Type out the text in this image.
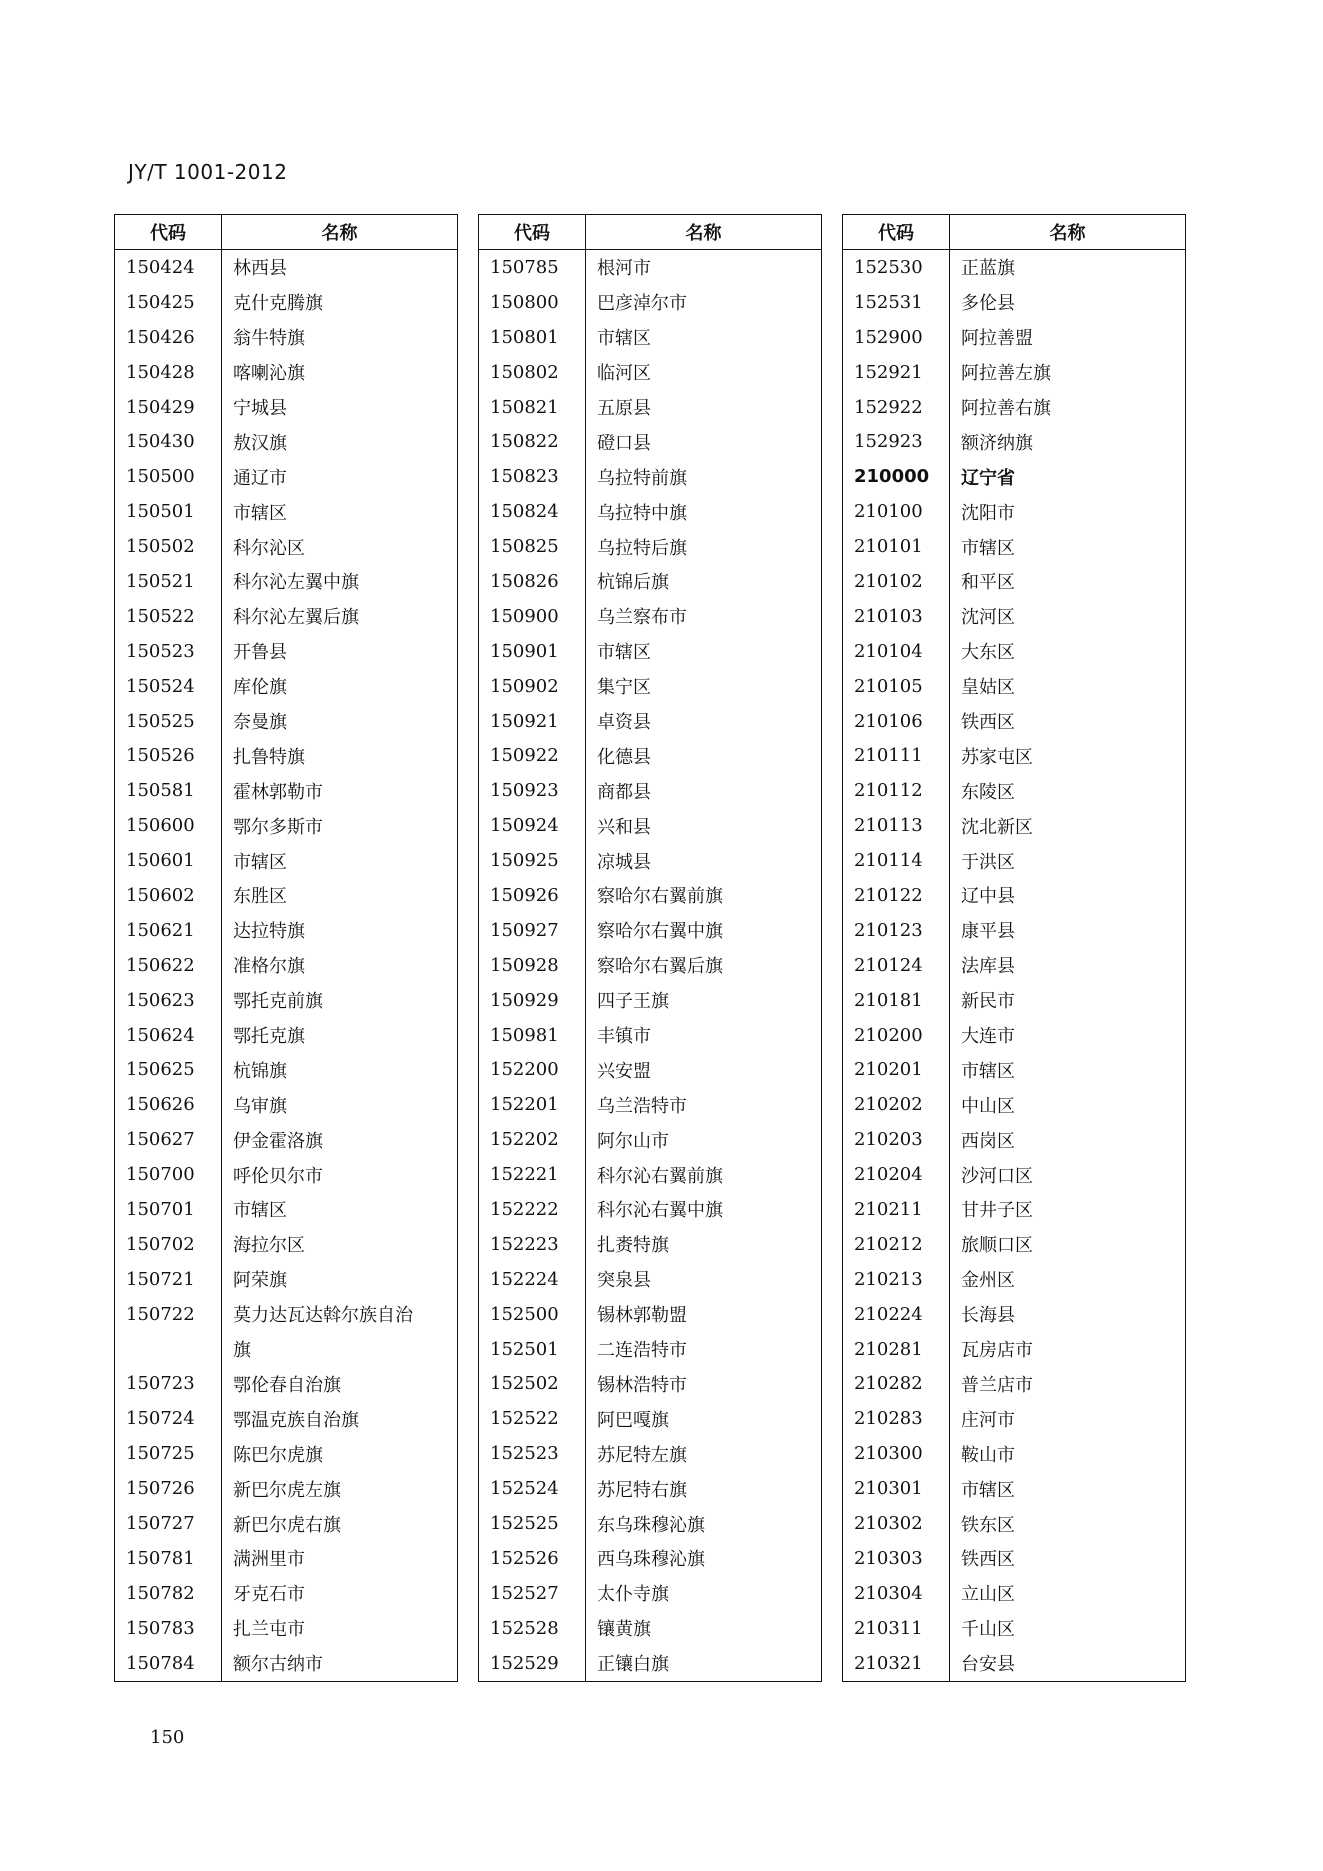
JY/T 1001-2012
代码	名称
150424	林西县
150425	克什克腾旗
150426	翁牛特旗
150428	喀喇沁旗
150429	宁城县
150430	敖汉旗
150500	通辽市
150501	市辖区
150502	科尔沁区
150521	科尔沁左翼中旗
150522	科尔沁左翼后旗
150523	开鲁县
150524	库伦旗
150525	奈曼旗
150526	扎鲁特旗
150581	霍林郭勒市
150600	鄂尔多斯市
150601	市辖区
150602	东胜区
150621	达拉特旗
150622	准格尔旗
150623	鄂托克前旗
150624	鄂托克旗
150625	杭锦旗
150626	乌审旗
150627	伊金霍洛旗
150700	呼伦贝尔市
150701	市辖区
150702	海拉尔区
150721	阿荣旗
150722	莫力达瓦达斡尔族自治
	旗
150723	鄂伦春自治旗
150724	鄂温克族自治旗
150725	陈巴尔虎旗
150726	新巴尔虎左旗
150727	新巴尔虎右旗
150781	满洲里市
150782	牙克石市
150783	扎兰屯市
150784	额尔古纳市
代码	名称
150785	根河市
150800	巴彦淖尔市
150801	市辖区
150802	临河区
150821	五原县
150822	磴口县
150823	乌拉特前旗
150824	乌拉特中旗
150825	乌拉特后旗
150826	杭锦后旗
150900	乌兰察布市
150901	市辖区
150902	集宁区
150921	卓资县
150922	化德县
150923	商都县
150924	兴和县
150925	凉城县
150926	察哈尔右翼前旗
150927	察哈尔右翼中旗
150928	察哈尔右翼后旗
150929	四子王旗
150981	丰镇市
152200	兴安盟
152201	乌兰浩特市
152202	阿尔山市
152221	科尔沁右翼前旗
152222	科尔沁右翼中旗
152223	扎赉特旗
152224	突泉县
152500	锡林郭勒盟
152501	二连浩特市
152502	锡林浩特市
152522	阿巴嘎旗
152523	苏尼特左旗
152524	苏尼特右旗
152525	东乌珠穆沁旗
152526	西乌珠穆沁旗
152527	太仆寺旗
152528	镶黄旗
152529	正镶白旗
代码	名称
152530	正蓝旗
152531	多伦县
152900	阿拉善盟
152921	阿拉善左旗
152922	阿拉善右旗
152923	额济纳旗
210000	辽宁省
210100	沈阳市
210101	市辖区
210102	和平区
210103	沈河区
210104	大东区
210105	皇姑区
210106	铁西区
210111	苏家屯区
210112	东陵区
210113	沈北新区
210114	于洪区
210122	辽中县
210123	康平县
210124	法库县
210181	新民市
210200	大连市
210201	市辖区
210202	中山区
210203	西岗区
210204	沙河口区
210211	甘井子区
210212	旅顺口区
210213	金州区
210224	长海县
210281	瓦房店市
210282	普兰店市
210283	庄河市
210300	鞍山市
210301	市辖区
210302	铁东区
210303	铁西区
210304	立山区
210311	千山区
210321	台安县
150
